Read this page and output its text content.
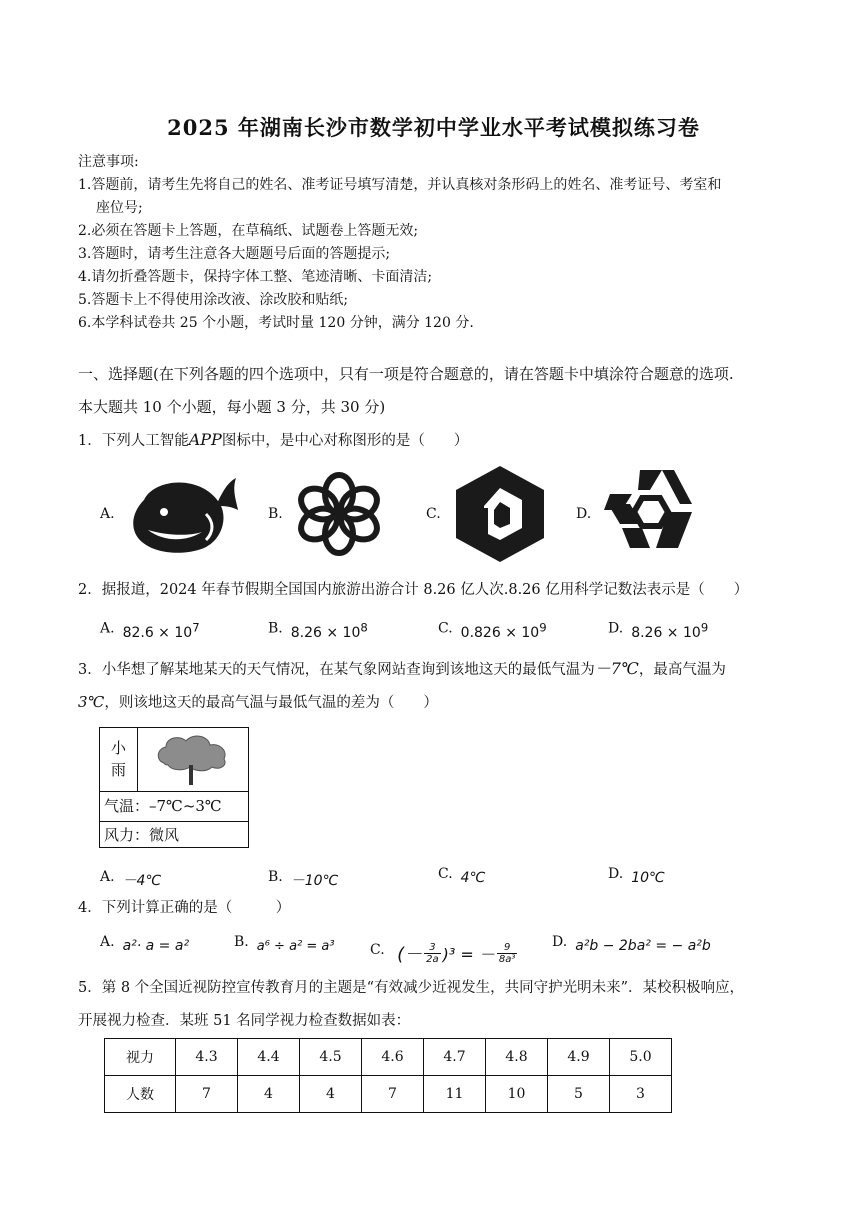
2025 年湖南长沙市数学初中学业水平考试模拟练习卷
注意事项:
1.答题前，请考生先将自己的姓名、准考证号填写清楚，并认真核对条形码上的姓名、准考证号、考室和
座位号;
2.必须在答题卡上答题，在草稿纸、试题卷上答题无效;
3.答题时，请考生注意各大题题号后面的答题提示;
4.请勿折叠答题卡，保持字体工整、笔迹清晰、卡面清洁;
5.答题卡上不得使用涂改液、涂改胶和贴纸;
6.本学科试卷共 25 个小题，考试时量 120 分钟，满分 120 分.
一、选择题(在下列各题的四个选项中，只有一项是符合题意的，请在答题卡中填涂符合题意的选项.
本大题共 10 个小题，每小题 3 分，共 30 分)
1．下列人工智能APP图标中，是中心对称图形的是（　　）
A.	B.	C.	D.
2．据报道，2024 年春节假期全国国内旅游出游合计 8.26 亿人次.8.26 亿用科学记数法表示是（　　）
A. $82.6 \times 10^7$	B. $8.26 \times 10^8$	C. $0.826 \times 10^9$	D. $8.26 \times 10^9$
3．小华想了解某地某天的天气情况，在某气象网站查询到该地这天的最低气温为－7℃，最高气温为
3℃，则该地这天的最高气温与最低气温的差为（　　）
小
雨
气温：–7℃~3℃
风力：微风
A. －4℃	B. －10℃	C. 4℃	D. 10℃
4．下列计算正确的是（　　　）
A. a²· a = a²	B. a⁶ ÷ a² = a³	C. (－ $\frac{3}{2a} )^3$ = － $\frac{9}{\text{8a³}} D$. a²b − 2ba² = − a²b
5．第 8 个全国近视防控宣传教育月的主题是“有效减少近视发生，共同守护光明未来”．某校积极响应，
开展视力检查．某班 51 名同学视力检查数据如表：
视力	4.3	4.4	4.5	4.6	4.7	4.8	4.9	5.0
人数	7	4	4	7	11	10	5	3
